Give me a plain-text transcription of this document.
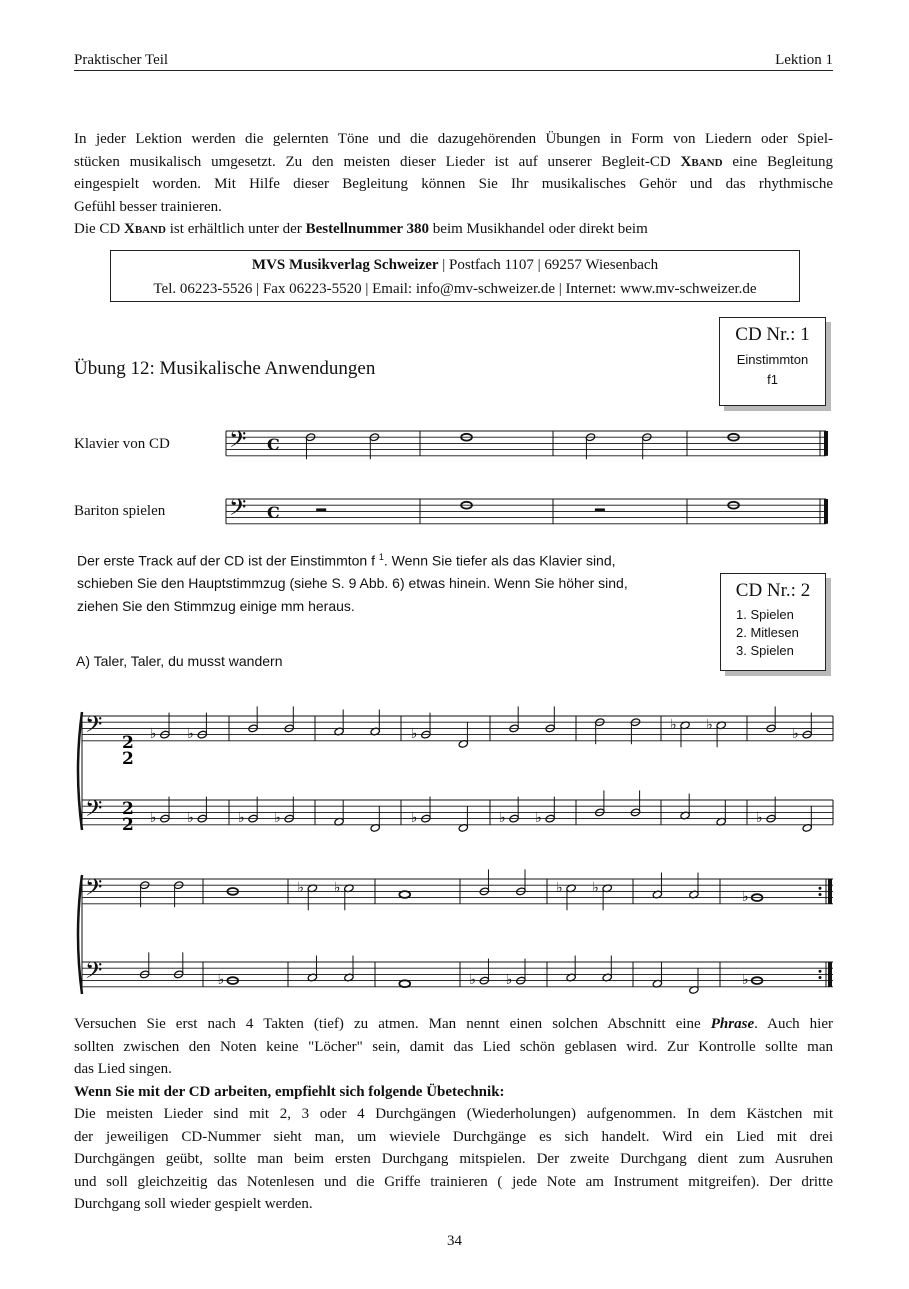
Praktischer Teil	Lektion 1

In jeder Lektion werden die gelernten Töne und die dazugehörenden Übungen in Form von Liedern oder Spiel-

stücken musikalisch umgesetzt. Zu den meisten dieser Lieder ist auf unserer Begleit-CD Xband eine Begleitung

eingespielt worden. Mit Hilfe dieser Begleitung können Sie Ihr musikalisches Gehör und das rhythmische

Gefühl besser trainieren.

Die CD Xband ist erhältlich unter der Bestellnummer 380 beim Musikhandel oder direkt beim

MVS Musikverlag Schweizer | Postfach 1107 | 69257 Wiesenbach
Tel. 06223-5526 | Fax 06223-5520 | Email: info@mv-schweizer.de | Internet: www.mv-schweizer.de
CD Nr.: 1
Einstimmton
f1
Übung 12: Musikalische Anwendungen
Klavier von CD
Bariton spielen
𝄢 C
𝄢 C
Der erste Track auf der CD ist der Einstimmton f $^1$. Wenn Sie tiefer als das Klavier sind,
schieben Sie den Hauptstimmzug (siehe S. 9 Abb. 6) etwas hinein. Wenn Sie höher sind,
ziehen Sie den Stimmzug einige mm heraus.
CD Nr.: 2
1. Spielen
2. Mitlesen
3. Spielen
A) Taler, Taler, du musst wandern
𝄢	♭ ♭	♭
♭ ♭
♭
𝄢	♭ ♭	♭ ♭	♭	♭ ♭	♭
𝄢	♭ ♭	♭ ♭
♭
𝄢	♭	♭ ♭	♭
2
2
2
2

Versuchen Sie erst nach 4 Takten (tief) zu atmen. Man nennt einen solchen Abschnitt eine Phrase. Auch hier

sollten zwischen den Noten keine "Löcher" sein, damit das Lied schön geblasen wird. Zur Kontrolle sollte man

das Lied singen.

Wenn Sie mit der CD arbeiten, empfiehlt sich folgende Übetechnik:

Die meisten Lieder sind mit 2, 3 oder 4 Durchgängen (Wiederholungen) aufgenommen. In dem Kästchen mit

der jeweiligen CD-Nummer sieht man, um wieviele Durchgänge es sich handelt. Wird ein Lied mit drei

Durchgängen geübt, sollte man beim ersten Durchgang mitspielen. Der zweite Durchgang dient zum Ausruhen

und soll gleichzeitig das Notenlesen und die Griffe trainieren ( jede Note am Instrument mitgreifen). Der dritte

Durchgang soll wieder gespielt werden.

34
